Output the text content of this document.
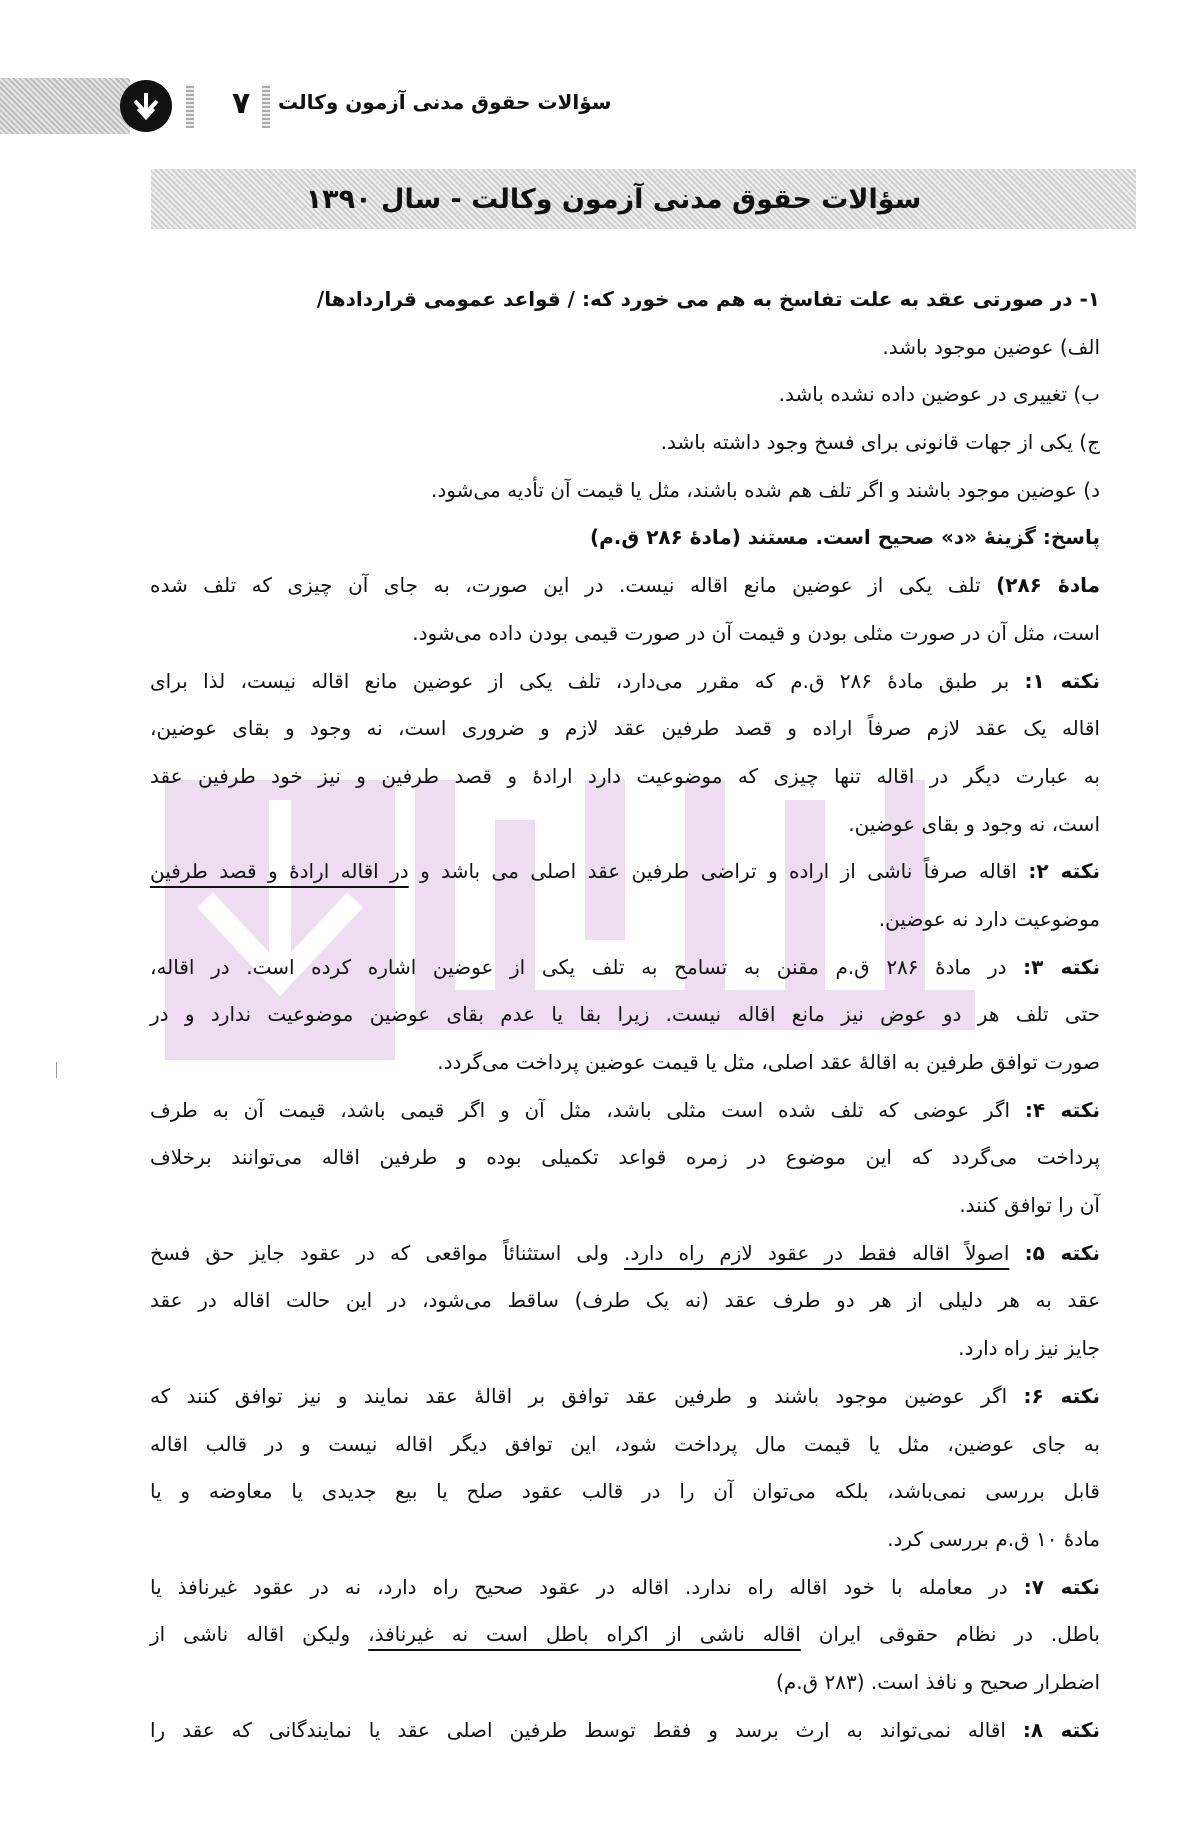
۷ سؤالات حقوق مدنی آزمون وکالت
سؤالات حقوق مدنی آزمون وکالت - سال ۱۳۹۰
۱- در صورتی عقد به علت تفاسخ به هم می خورد که: / قواعد عمومی قراردادها/
الف) عوضین موجود باشد.
ب) تغییری در عوضین داده نشده باشد.
ج) یکی از جهات قانونی برای فسخ وجود داشته باشد.
د) عوضین موجود باشند و اگر تلف هم شده باشند، مثل یا قیمت آن تأدیه می‌شود.
پاسخ: گزینهٔ «د» صحیح است. مستند (مادهٔ ۲۸۶ ق.م)
مادهٔ ۲۸۶) تلف یکی از عوضین مانع اقاله نیست. در این صورت، به جای آن چیزی که تلف شده
است، مثل آن در صورت مثلی بودن و قیمت آن در صورت قیمی بودن داده می‌شود.
نکته ۱: بر طبق مادهٔ ۲۸۶ ق.م که مقرر می‌دارد، تلف یکی از عوضین مانع اقاله نیست، لذا برای
اقاله یک عقد لازم صرفاً اراده و قصد طرفین عقد لازم و ضروری است، نه وجود و بقای عوضین،
به عبارت دیگر در اقاله تنها چیزی که موضوعیت دارد ارادهٔ و قصد طرفین و نیز خود طرفین عقد
است، نه وجود و بقای عوضین.
نکته ۲: اقاله صرفاً ناشی از اراده و تراضی طرفین عقد اصلی می باشد و در اقاله ارادهٔ و قصد طرفین
موضوعیت دارد نه عوضین.
نکته ۳: در مادهٔ ۲۸۶ ق.م مقنن به تسامح به تلف یکی از عوضین اشاره کرده است. در اقاله،
حتی تلف هر دو عوض نیز مانع اقاله نیست. زیرا بقا یا عدم بقای عوضین موضوعیت ندارد و در
صورت توافق طرفین به اقالهٔ عقد اصلی، مثل یا قیمت عوضین پرداخت می‌گردد.
نکته ۴: اگر عوضی که تلف شده است مثلی باشد، مثل آن و اگر قیمی باشد، قیمت آن به طرف
پرداخت می‌گردد که این موضوع در زمره قواعد تکمیلی بوده و طرفین اقاله می‌توانند برخلاف
آن را توافق کنند.
نکته ۵: اصولاً اقاله فقط در عقود لازم راه دارد. ولی استثنائاً مواقعی که در عقود جایز حق فسخ
عقد به هر دلیلی از هر دو طرف عقد (نه یک طرف) ساقط می‌شود، در این حالت اقاله در عقد
جایز نیز راه دارد.
نکته ۶: اگر عوضین موجود باشند و طرفین عقد توافق بر اقالهٔ عقد نمایند و نیز توافق کنند که
به جای عوضین، مثل یا قیمت مال پرداخت شود، این توافق دیگر اقاله نیست و در قالب اقاله
قابل بررسی نمی‌باشد، بلکه می‌توان آن را در قالب عقود صلح یا بیع جدیدی یا معاوضه و یا
مادهٔ ۱۰ ق.م بررسی کرد.
نکته ۷: در معامله با خود اقاله راه ندارد. اقاله در عقود صحیح راه دارد، نه در عقود غیرنافذ یا
باطل. در نظام حقوقی ایران اقاله ناشی از اکراه باطل است نه غیرنافذ، ولیکن اقاله ناشی از
اضطرار صحیح و نافذ است. (۲۸۳ ق.م)
نکته ۸: اقاله نمی‌تواند به ارث برسد و فقط توسط طرفین اصلی عقد یا نمایندگانی که عقد را
